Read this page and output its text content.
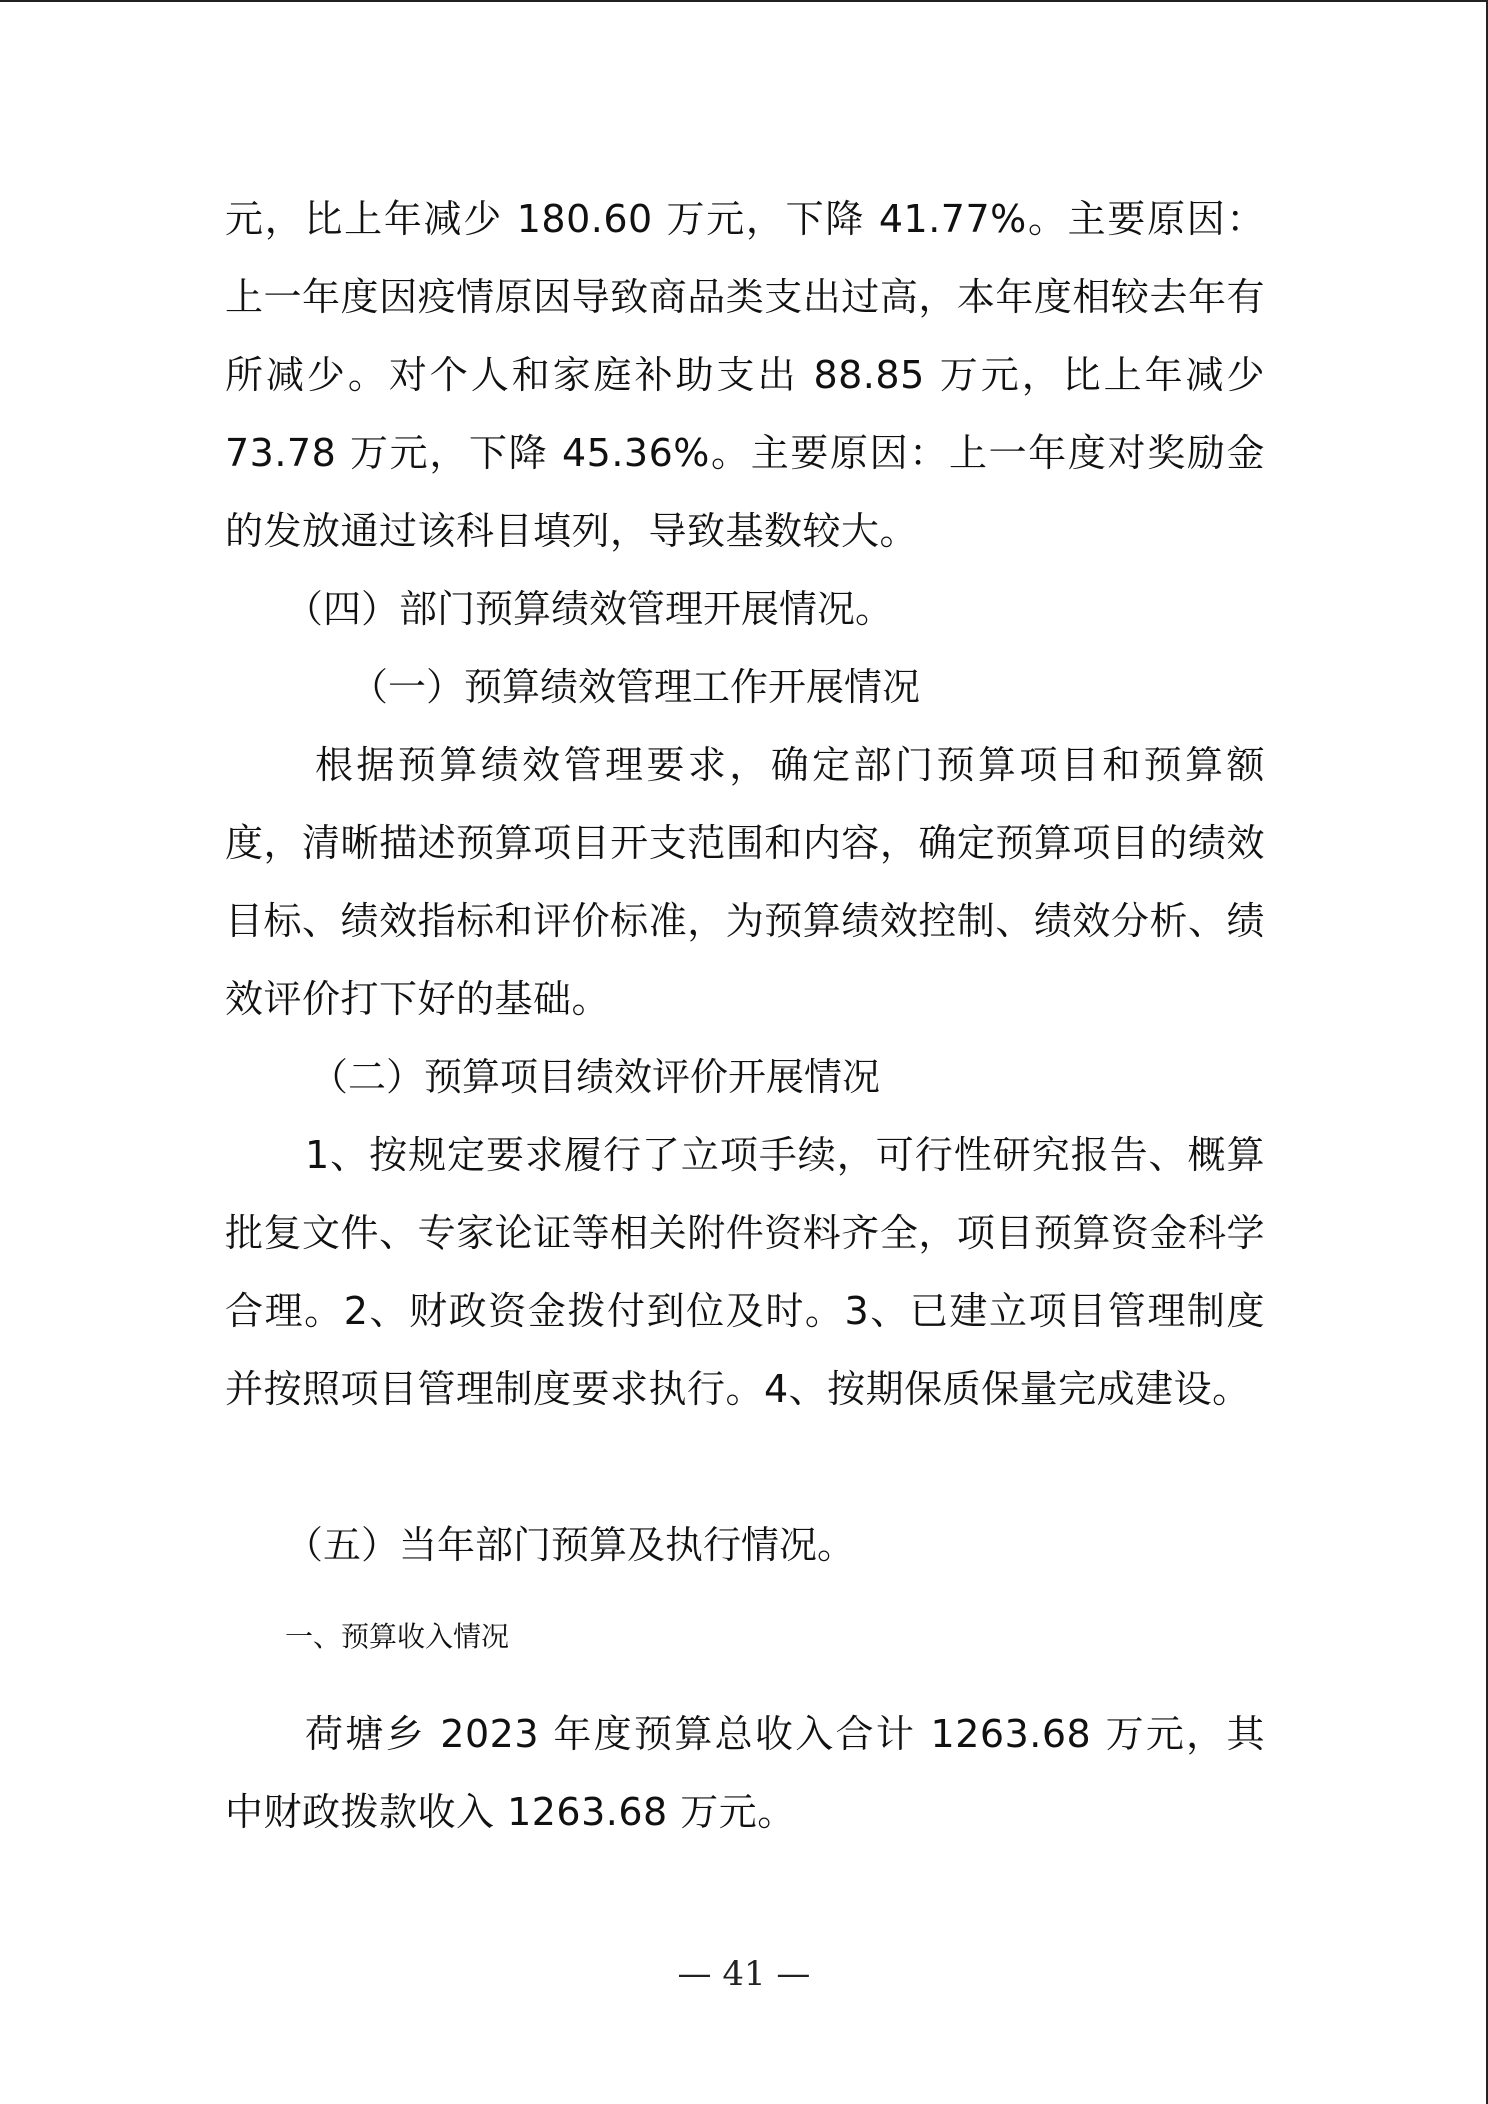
元，比上年减少 180.60 万元，下降 41.77%。主要原因：上一年度因疫情原因导致商品类支出过高，本年度相较去年有所减少。对个人和家庭补助支出 88.85 万元，比上年减少 73.78 万元，下降 45.36%。主要原因：上一年度对奖励金的发放通过该科目填列，导致基数较大。

（四）部门预算绩效管理开展情况。

（一）预算绩效管理工作开展情况

根据预算绩效管理要求，确定部门预算项目和预算额度，清晰描述预算项目开支范围和内容，确定预算项目的绩效目标、绩效指标和评价标准，为预算绩效控制、绩效分析、绩效评价打下好的基础。

（二）预算项目绩效评价开展情况

1、按规定要求履行了立项手续，可行性研究报告、概算批复文件、专家论证等相关附件资料齐全，项目预算资金科学合理。2、财政资金拨付到位及时。3、已建立项目管理制度并按照项目管理制度要求执行。4、按期保质保量完成建设。

（五）当年部门预算及执行情况。

一、预算收入情况

荷塘乡 2023 年度预算总收入合计 1263.68 万元，其中财政拨款收入 1263.68 万元。

— 41 —
